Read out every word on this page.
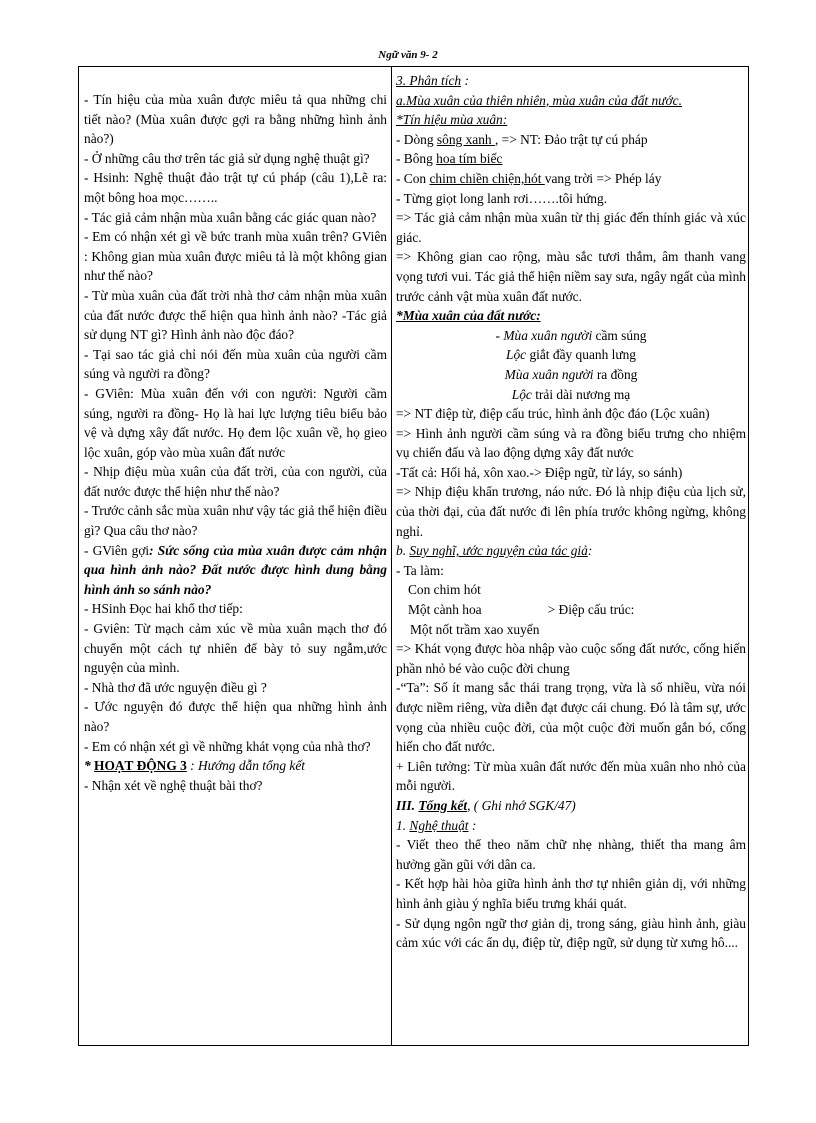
Ngữ văn 9- 2

- Tín hiệu của mùa xuân được miêu tả qua những chi tiết nào? (Mùa xuân được gợi ra bằng những hình ảnh nào?)

- Ở những câu thơ trên tác giả sử dụng nghệ thuật gì?

- Hsinh: Nghệ thuật đảo trật tự cú pháp (câu 1),Lẽ ra: một bông hoa mọc……..

- Tác giả cảm nhận mùa xuân bằng các giác quan nào?

- Em có nhận xét gì về bức tranh mùa xuân trên? GViên : Không gian mùa xuân được miêu tả là một không gian như thế nào?

- Từ mùa xuân của đất trời nhà thơ cảm nhận mùa xuân của đất nước được thể hiện qua hình ảnh nào? -Tác giả sử dụng NT gì? Hình ảnh nào độc đáo?

- Tại sao tác giả chỉ nói đến mùa xuân của người cầm súng và người ra đồng?

- GViên: Mùa xuân đến với con người: Người cầm súng, người ra đồng- Họ là hai lực lượng tiêu biểu bảo vệ và dựng xây đất nước. Họ đem lộc xuân về, họ gieo lộc xuân, góp vào mùa xuân đất nước

- Nhịp điệu mùa xuân của đất trời, của con người, của đất nước được thể hiện như thế nào?

- Trước cảnh sắc mùa xuân như vậy tác giả thể hiện điều gì? Qua câu thơ nào?

- GViên gợi: Sức sống của mùa xuân được cảm nhận qua hình ảnh nào? Đất nước được hình dung bằng hình ảnh so sánh nào?

- HSinh Đọc hai khổ thơ tiếp:

- Gviên: Từ mạch cảm xúc về mùa xuân mạch thơ đó chuyển một cách tự nhiên để bày tỏ suy ngẫm,ước nguyện của mình.

- Nhà thơ đã ước nguyện điều gì ?

- Ước nguyện đó được thể hiện qua những hình ảnh nào?

- Em có nhận xét gì về những khát vọng của nhà thơ?

* HOẠT ĐỘNG 3 : Hướng dẫn tổng kết

- Nhận xét về nghệ thuật bài thơ?

3. Phân tích :

a.Mùa xuân của thiên nhiên, mùa xuân của đất nước.

*Tín hiệu mùa xuân:

- Dòng sông xanh , => NT: Đảo trật tự cú pháp

- Bông hoa tím biếc

- Con chim chiền chiện,hót vang trời => Phép láy

- Từng giọt long lanh rơi…….tôi hứng.

=> Tác giả cảm nhận mùa xuân từ thị giác đến thính giác và xúc giác.

=> Không gian cao rộng, màu sắc tươi thắm, âm thanh vang vọng tươi vui. Tác giả thể hiện niềm say sưa, ngây ngất của mình trước cảnh vật mùa xuân đất nước.

*Mùa xuân của đất nước:

- Mùa xuân người cầm súng

Lộc giắt đầy quanh lưng

Mùa xuân người ra đồng

Lộc trải dài nương mạ

=> NT điệp từ, điệp cấu trúc, hình ảnh độc đáo (Lộc xuân)

=> Hình ảnh người cầm súng và ra đồng biểu trưng cho nhiệm vụ chiến đấu và lao động dựng xây đất nước

-Tất cả: Hối hả, xôn xao.-> Điệp ngữ, từ láy, so sánh)

=> Nhịp điệu khẩn trương, náo nức. Đó là nhịp điệu của lịch sử, của thời đại, của đất nước đi lên phía trước không ngừng, không nghỉ.

b. Suy nghĩ, ước nguyện của tác giả:

- Ta làm:

Con chim hót

Một cành hoa	> Điệp cấu trúc:

Một nốt trầm xao xuyến

=> Khát vọng được hòa nhập vào cuộc sống đất nước, cống hiến phần nhỏ bé vào cuộc đời chung

-“Ta”: Số ít mang sắc thái trang trọng, vừa là số nhiều, vừa nói được niềm riêng, vừa diễn đạt được cái chung. Đó là tâm sự, ước vọng của nhiều cuộc đời, của một cuộc đời muốn gắn bó, cống hiến cho đất nước.

+ Liên tưởng: Từ mùa xuân đất nước đến mùa xuân nho nhỏ của mỗi người.

III. Tổng kết, ( Ghi nhớ SGK/47)

1. Nghệ thuật :

- Viết theo thể theo năm chữ nhẹ nhàng, thiết tha mang âm hưởng gần gũi với dân ca.

- Kết hợp hài hòa giữa hình ảnh thơ tự nhiên giản dị, với những hình ảnh giàu ý nghĩa biểu trưng khái quát.

- Sử dụng ngôn ngữ thơ giản dị, trong sáng, giàu hình ảnh, giàu cảm xúc với các ẩn dụ, điệp từ, điệp ngữ, sử dụng từ xưng hô....
